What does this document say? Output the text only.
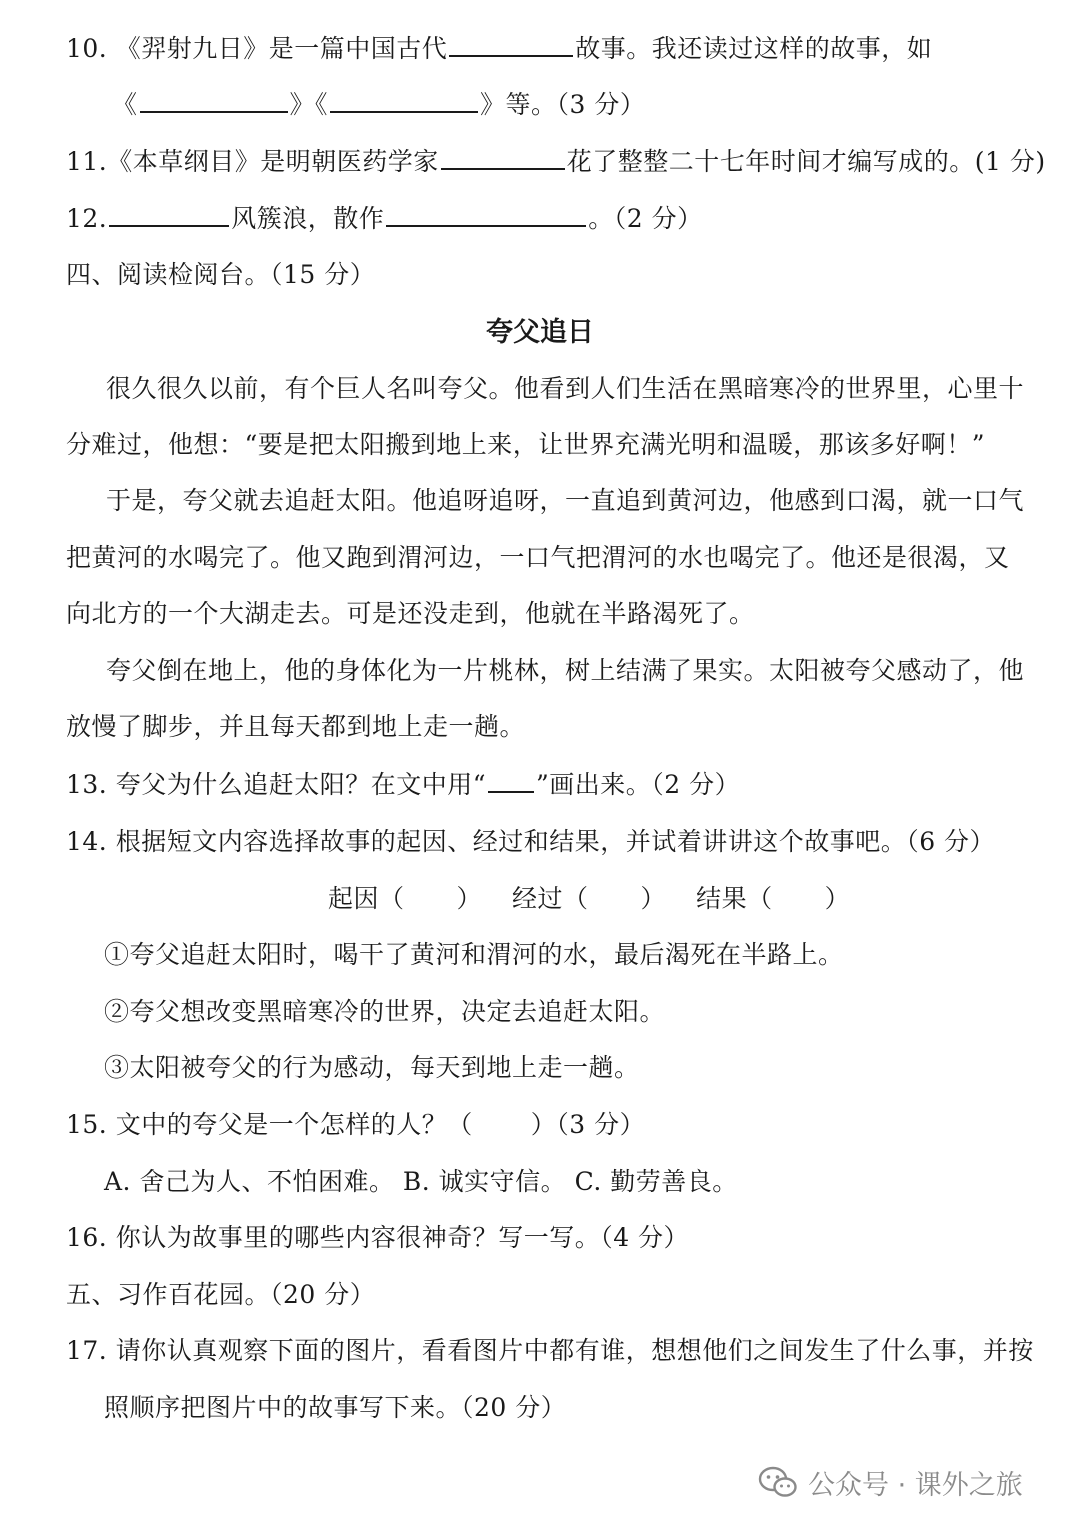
10. 《羿射九日》是一篇中国古代	故事。我还读过这样的故事，如
《	》《	》等。（3 分）
11.《本草纲目》是明朝医药学家	花了整整二十七年时间才编写成的。(1 分)
12.	风簇浪，散作	。（2 分）
四、阅读检阅台。（15 分）
夸父追日
很久很久以前，有个巨人名叫夸父。他看到人们生活在黑暗寒冷的世界里，心里十
分难过，他想：“要是把太阳搬到地上来，让世界充满光明和温暖，那该多好啊！”
于是，夸父就去追赶太阳。他追呀追呀，一直追到黄河边，他感到口渴，就一口气
把黄河的水喝完了。他又跑到渭河边，一口气把渭河的水也喝完了。他还是很渴，又
向北方的一个大湖走去。可是还没走到，他就在半路渴死了。
夸父倒在地上，他的身体化为一片桃林，树上结满了果实。太阳被夸父感动了，他
放慢了脚步，并且每天都到地上走一趟。
13. 夸父为什么追赶太阳？在文中用“ ”画出来。（2 分）
14. 根据短文内容选择故事的起因、经过和结果，并试着讲讲这个故事吧。（6 分）
起因（ ） 经过（ ） 结果（ ）
①夸父追赶太阳时，喝干了黄河和渭河的水，最后渴死在半路上。
②夸父想改变黑暗寒冷的世界，决定去追赶太阳。
③太阳被夸父的行为感动，每天到地上走一趟。
15. 文中的夸父是一个怎样的人？（ ）（3 分）
A. 舍己为人、不怕困难。 B. 诚实守信。 C. 勤劳善良。
16. 你认为故事里的哪些内容很神奇？写一写。（4 分）
五、习作百花园。（20 分）
17. 请你认真观察下面的图片，看看图片中都有谁，想想他们之间发生了什么事，并按
照顺序把图片中的故事写下来。（20 分）
公众号 · 课外之旅
